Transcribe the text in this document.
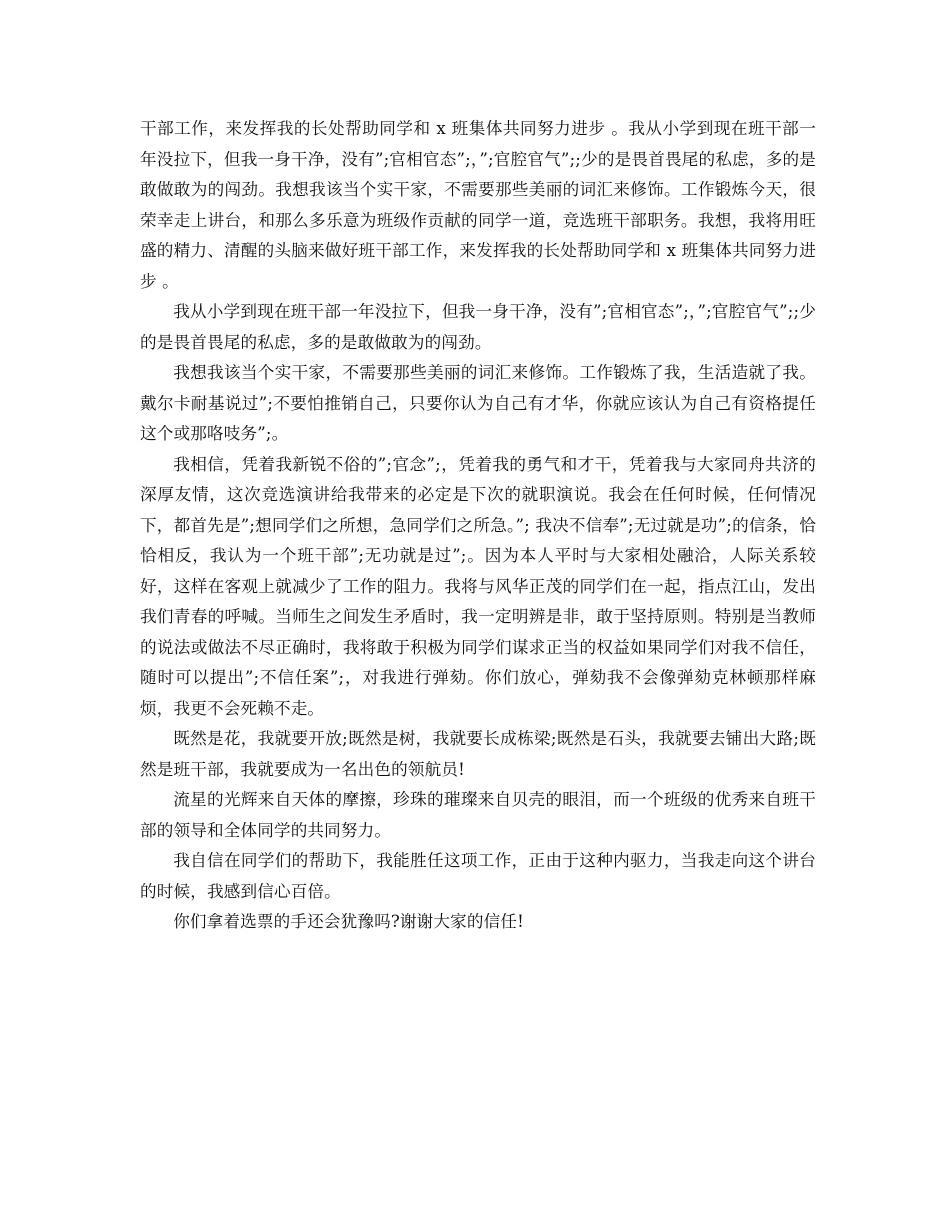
干部工作，来发挥我的长处帮助同学和 x 班集体共同努力进步 。我从小学到现在班干部一年没拉下，但我一身干净，没有”;官相官态”;，”;官腔官气”;;少的是畏首畏尾的私虑，多的是敢做敢为的闯劲。我想我该当个实干家，不需要那些美丽的词汇来修饰。工作锻炼今天，很荣幸走上讲台，和那么多乐意为班级作贡献的同学一道，竞选班干部职务。我想，我将用旺盛的精力、清醒的头脑来做好班干部工作，来发挥我的长处帮助同学和 x 班集体共同努力进步 。

我从小学到现在班干部一年没拉下，但我一身干净，没有”;官相官态”;，”;官腔官气”;;少的是畏首畏尾的私虑，多的是敢做敢为的闯劲。

我想我该当个实干家，不需要那些美丽的词汇来修饰。工作锻炼了我，生活造就了我。戴尔卡耐基说过”;不要怕推销自己，只要你认为自己有才华，你就应该认为自己有资格提任这个或那咯吱务”;。

我相信，凭着我新锐不俗的”;官念”;，凭着我的勇气和才干，凭着我与大家同舟共济的深厚友情，这次竞选演讲给我带来的必定是下次的就职演说。我会在任何时候，任何情况下，都首先是”;想同学们之所想，急同学们之所急。”; 我决不信奉”;无过就是功”;的信条，恰恰相反，我认为一个班干部”;无功就是过”;。因为本人平时与大家相处融洽，人际关系较好，这样在客观上就减少了工作的阻力。我将与风华正茂的同学们在一起，指点江山，发出我们青春的呼喊。当师生之间发生矛盾时，我一定明辨是非，敢于坚持原则。特别是当教师的说法或做法不尽正确时，我将敢于积极为同学们谋求正当的权益如果同学们对我不信任，随时可以提出”;不信任案”;，对我进行弹劾。你们放心，弹劾我不会像弹劾克林顿那样麻烦，我更不会死赖不走。

既然是花，我就要开放;既然是树，我就要长成栋梁;既然是石头，我就要去铺出大路;既然是班干部，我就要成为一名出色的领航员!

流星的光辉来自天体的摩擦，珍珠的璀璨来自贝壳的眼泪，而一个班级的优秀来自班干部的领导和全体同学的共同努力。

我自信在同学们的帮助下，我能胜任这项工作，正由于这种内驱力，当我走向这个讲台的时候，我感到信心百倍。

你们拿着选票的手还会犹豫吗?谢谢大家的信任!
